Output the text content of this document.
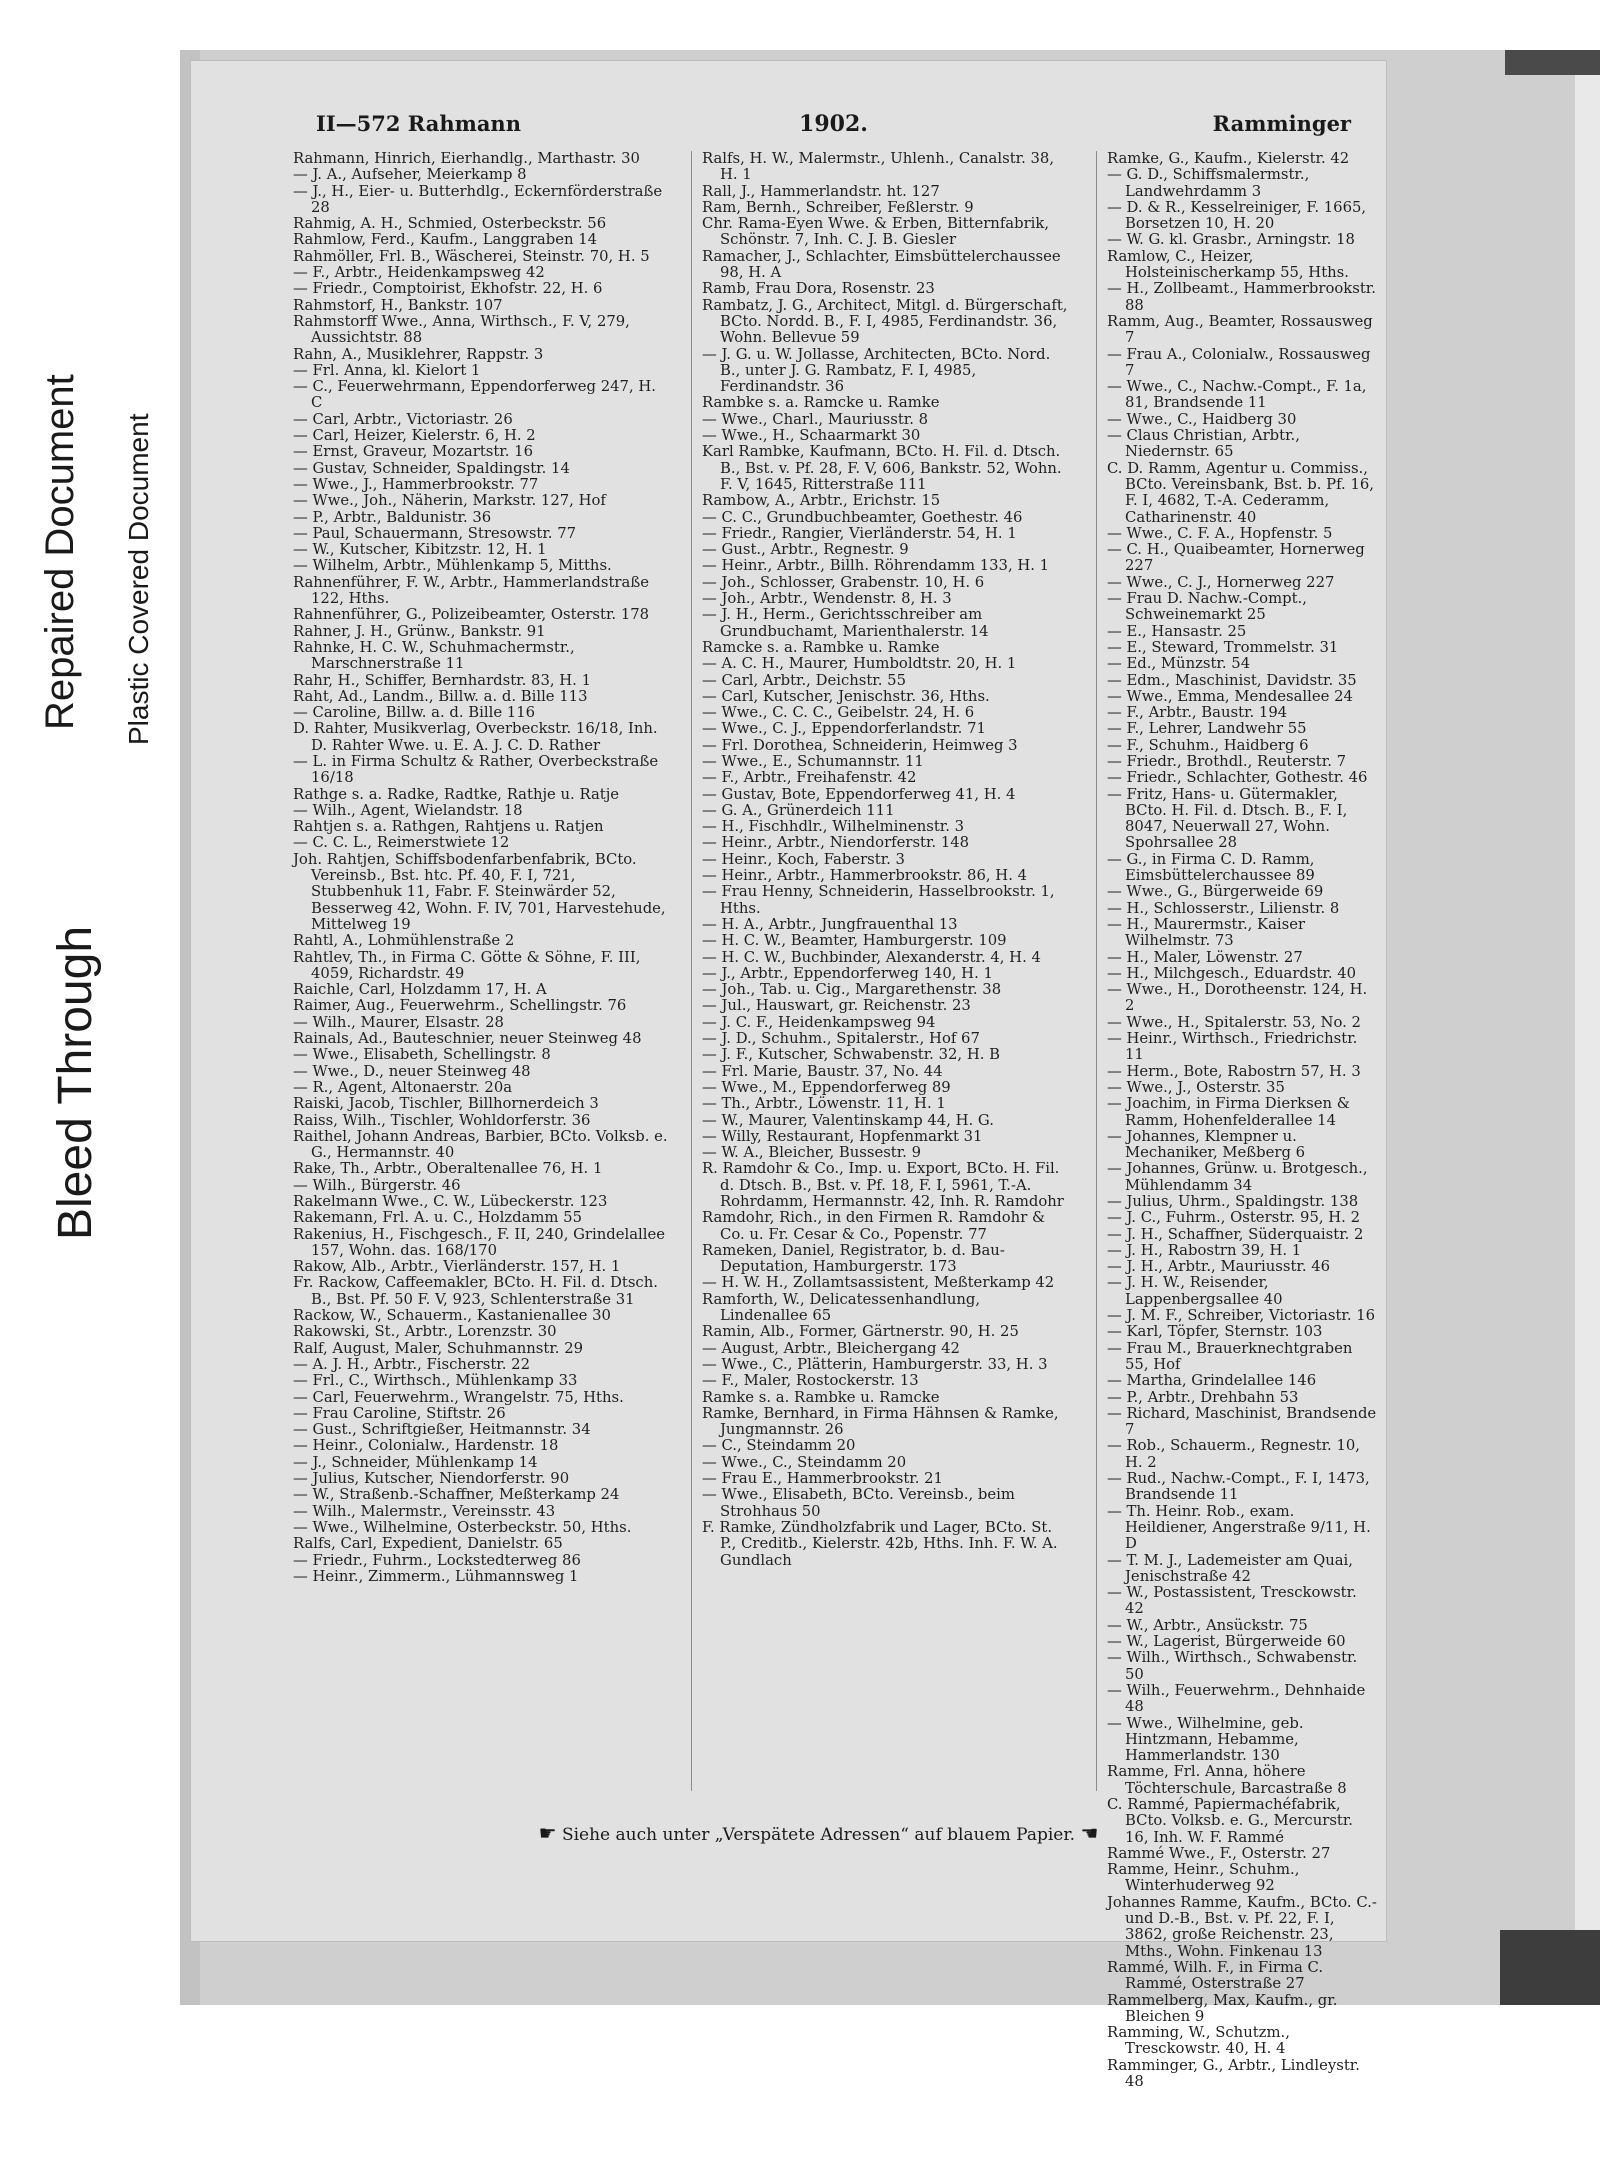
Bleed Through
Repaired Document Plastic Covered Document
II—572 Rahmann	1902.	Ramminger

Rahmann, Hinrich, Eierhandlg., Marthastr. 30

— J. A., Aufseher, Meierkamp 8

— J., H., Eier- u. Butterhdlg., Eckernförderstraße 28

Rahmig, A. H., Schmied, Osterbeckstr. 56

Rahmlow, Ferd., Kaufm., Langgraben 14

Rahmöller, Frl. B., Wäscherei, Steinstr. 70, H. 5

— F., Arbtr., Heidenkampsweg 42

— Friedr., Comptoirist, Ekhofstr. 22, H. 6

Rahmstorf, H., Bankstr. 107

Rahmstorff Wwe., Anna, Wirthsch., F. V, 279, Aussichtstr. 88

Rahn, A., Musiklehrer, Rappstr. 3

— Frl. Anna, kl. Kielort 1

— C., Feuerwehrmann, Eppendorferweg 247, H. C

— Carl, Arbtr., Victoriastr. 26

— Carl, Heizer, Kielerstr. 6, H. 2

— Ernst, Graveur, Mozartstr. 16

— Gustav, Schneider, Spaldingstr. 14

— Wwe., J., Hammerbrookstr. 77

— Wwe., Joh., Näherin, Markstr. 127, Hof

— P., Arbtr., Baldunistr. 36

— Paul, Schauermann, Stresowstr. 77

— W., Kutscher, Kibitzstr. 12, H. 1

— Wilhelm, Arbtr., Mühlenkamp 5, Mitths.

Rahnenführer, F. W., Arbtr., Hammerlandstraße 122, Hths.

Rahnenführer, G., Polizeibeamter, Osterstr. 178

Rahner, J. H., Grünw., Bankstr. 91

Rahnke, H. C. W., Schuhmachermstr., Marschnerstraße 11

Rahr, H., Schiffer, Bernhardstr. 83, H. 1

Raht, Ad., Landm., Billw. a. d. Bille 113

— Caroline, Billw. a. d. Bille 116

D. Rahter, Musikverlag, Overbeckstr. 16/18, Inh. D. Rahter Wwe. u. E. A. J. C. D. Rather

— L. in Firma Schultz & Rather, Overbeckstraße 16/18

Rathge s. a. Radke, Radtke, Rathje u. Ratje

— Wilh., Agent, Wielandstr. 18

Rahtjen s. a. Rathgen, Rahtjens u. Ratjen

— C. C. L., Reimerstwiete 12

Joh. Rahtjen, Schiffsbodenfarbenfabrik, BCto. Vereinsb., Bst. htc. Pf. 40, F. I, 721, Stubbenhuk 11, Fabr. F. Steinwärder 52, Besserweg 42, Wohn. F. IV, 701, Harvestehude, Mittelweg 19

Rahtl, A., Lohmühlenstraße 2

Rahtlev, Th., in Firma C. Götte & Söhne, F. III, 4059, Richardstr. 49

Raichle, Carl, Holzdamm 17, H. A

Raimer, Aug., Feuerwehrm., Schellingstr. 76

— Wilh., Maurer, Elsastr. 28

Rainals, Ad., Bauteschnier, neuer Steinweg 48

— Wwe., Elisabeth, Schellingstr. 8

— Wwe., D., neuer Steinweg 48

— R., Agent, Altonaerstr. 20a

Raiski, Jacob, Tischler, Billhornerdeich 3

Raiss, Wilh., Tischler, Wohldorferstr. 36

Raithel, Johann Andreas, Barbier, BCto. Volksb. e. G., Hermannstr. 40

Rake, Th., Arbtr., Oberaltenallee 76, H. 1

— Wilh., Bürgerstr. 46

Rakelmann Wwe., C. W., Lübeckerstr. 123

Rakemann, Frl. A. u. C., Holzdamm 55

Rakenius, H., Fischgesch., F. II, 240, Grindelallee 157, Wohn. das. 168/170

Rakow, Alb., Arbtr., Vierländerstr. 157, H. 1

Fr. Rackow, Caffeemakler, BCto. H. Fil. d. Dtsch. B., Bst. Pf. 50 F. V, 923, Schlenterstraße 31

Rackow, W., Schauerm., Kastanienallee 30

Rakowski, St., Arbtr., Lorenzstr. 30

Ralf, August, Maler, Schuhmannstr. 29

— A. J. H., Arbtr., Fischerstr. 22

— Frl., C., Wirthsch., Mühlenkamp 33

— Carl, Feuerwehrm., Wrangelstr. 75, Hths.

— Frau Caroline, Stiftstr. 26

— Gust., Schriftgießer, Heitmannstr. 34

— Heinr., Colonialw., Hardenstr. 18

— J., Schneider, Mühlenkamp 14

— Julius, Kutscher, Niendorferstr. 90

— W., Straßenb.-Schaffner, Meßterkamp 24

— Wilh., Malermstr., Vereinsstr. 43

— Wwe., Wilhelmine, Osterbeckstr. 50, Hths.

Ralfs, Carl, Expedient, Danielstr. 65

— Friedr., Fuhrm., Lockstedterweg 86

— Heinr., Zimmerm., Lühmannsweg 1

Ralfs, H. W., Malermstr., Uhlenh., Canalstr. 38, H. 1

Rall, J., Hammerlandstr. ht. 127

Ram, Bernh., Schreiber, Feßlerstr. 9

Chr. Rama-Eyen Wwe. & Erben, Bitternfabrik, Schönstr. 7, Inh. C. J. B. Giesler

Ramacher, J., Schlachter, Eimsbüttelerchaussee 98, H. A

Ramb, Frau Dora, Rosenstr. 23

Rambatz, J. G., Architect, Mitgl. d. Bürgerschaft, BCto. Nordd. B., F. I, 4985, Ferdinandstr. 36, Wohn. Bellevue 59

— J. G. u. W. Jollasse, Architecten, BCto. Nord. B., unter J. G. Rambatz, F. I, 4985, Ferdinandstr. 36

Rambke s. a. Ramcke u. Ramke

— Wwe., Charl., Mauriusstr. 8

— Wwe., H., Schaarmarkt 30

Karl Rambke, Kaufmann, BCto. H. Fil. d. Dtsch. B., Bst. v. Pf. 28, F. V, 606, Bankstr. 52, Wohn. F. V, 1645, Ritterstraße 111

Rambow, A., Arbtr., Erichstr. 15

— C. C., Grundbuchbeamter, Goethestr. 46

— Friedr., Rangier, Vierländerstr. 54, H. 1

— Gust., Arbtr., Regnestr. 9

— Heinr., Arbtr., Billh. Röhrendamm 133, H. 1

— Joh., Schlosser, Grabenstr. 10, H. 6

— Joh., Arbtr., Wendenstr. 8, H. 3

— J. H., Herm., Gerichtsschreiber am Grundbuchamt, Marienthalerstr. 14

Ramcke s. a. Rambke u. Ramke

— A. C. H., Maurer, Humboldtstr. 20, H. 1

— Carl, Arbtr., Deichstr. 55

— Carl, Kutscher, Jenischstr. 36, Hths.

— Wwe., C. C. C., Geibelstr. 24, H. 6

— Wwe., C. J., Eppendorferlandstr. 71

— Frl. Dorothea, Schneiderin, Heimweg 3

— Wwe., E., Schumannstr. 11

— F., Arbtr., Freihafenstr. 42

— Gustav, Bote, Eppendorferweg 41, H. 4

— G. A., Grünerdeich 111

— H., Fischhdlr., Wilhelminenstr. 3

— Heinr., Arbtr., Niendorferstr. 148

— Heinr., Koch, Faberstr. 3

— Heinr., Arbtr., Hammerbrookstr. 86, H. 4

— Frau Henny, Schneiderin, Hasselbrookstr. 1, Hths.

— H. A., Arbtr., Jungfrauenthal 13

— H. C. W., Beamter, Hamburgerstr. 109

— H. C. W., Buchbinder, Alexanderstr. 4, H. 4

— J., Arbtr., Eppendorferweg 140, H. 1

— Joh., Tab. u. Cig., Margarethenstr. 38

— Jul., Hauswart, gr. Reichenstr. 23

— J. C. F., Heidenkampsweg 94

— J. D., Schuhm., Spitalerstr., Hof 67

— J. F., Kutscher, Schwabenstr. 32, H. B

— Frl. Marie, Baustr. 37, No. 44

— Wwe., M., Eppendorferweg 89

— Th., Arbtr., Löwenstr. 11, H. 1

— W., Maurer, Valentinskamp 44, H. G.

— Willy, Restaurant, Hopfenmarkt 31

— W. A., Bleicher, Bussestr. 9

R. Ramdohr & Co., Imp. u. Export, BCto. H. Fil. d. Dtsch. B., Bst. v. Pf. 18, F. I, 5961, T.-A. Rohrdamm, Hermannstr. 42, Inh. R. Ramdohr

Ramdohr, Rich., in den Firmen R. Ramdohr & Co. u. Fr. Cesar & Co., Popenstr. 77

Rameken, Daniel, Registrator, b. d. Bau-Deputation, Hamburgerstr. 173

— H. W. H., Zollamtsassistent, Meßterkamp 42

Ramforth, W., Delicatessenhandlung, Lindenallee 65

Ramin, Alb., Former, Gärtnerstr. 90, H. 25

— August, Arbtr., Bleichergang 42

— Wwe., C., Plätterin, Hamburgerstr. 33, H. 3

— F., Maler, Rostockerstr. 13

Ramke s. a. Rambke u. Ramcke

Ramke, Bernhard, in Firma Hähnsen & Ramke, Jungmannstr. 26

— C., Steindamm 20

— Wwe., C., Steindamm 20

— Frau E., Hammerbrookstr. 21

— Wwe., Elisabeth, BCto. Vereinsb., beim Strohhaus 50

F. Ramke, Zündholzfabrik und Lager, BCto. St. P., Creditb., Kielerstr. 42b, Hths. Inh. F. W. A. Gundlach

Ramke, G., Kaufm., Kielerstr. 42

— G. D., Schiffsmalermstr., Landwehrdamm 3

— D. & R., Kesselreiniger, F. 1665, Borsetzen 10, H. 20

— W. G. kl. Grasbr., Arningstr. 18

Ramlow, C., Heizer, Holsteinischerkamp 55, Hths.

— H., Zollbeamt., Hammerbrookstr. 88

Ramm, Aug., Beamter, Rossausweg 7

— Frau A., Colonialw., Rossausweg 7

— Wwe., C., Nachw.-Compt., F. 1a, 81, Brandsende 11

— Wwe., C., Haidberg 30

— Claus Christian, Arbtr., Niedernstr. 65

C. D. Ramm, Agentur u. Commiss., BCto. Vereinsbank, Bst. b. Pf. 16, F. I, 4682, T.-A. Cederamm, Catharinenstr. 40

— Wwe., C. F. A., Hopfenstr. 5

— C. H., Quaibeamter, Hornerweg 227

— Wwe., C. J., Hornerweg 227

— Frau D. Nachw.-Compt., Schweinemarkt 25

— E., Hansastr. 25

— E., Steward, Trommelstr. 31

— Ed., Münzstr. 54

— Edm., Maschinist, Davidstr. 35

— Wwe., Emma, Mendesallee 24

— F., Arbtr., Baustr. 194

— F., Lehrer, Landwehr 55

— F., Schuhm., Haidberg 6

— Friedr., Brothdl., Reuterstr. 7

— Friedr., Schlachter, Gothestr. 46

— Fritz, Hans- u. Gütermakler, BCto. H. Fil. d. Dtsch. B., F. I, 8047, Neuerwall 27, Wohn. Spohrsallee 28

— G., in Firma C. D. Ramm, Eimsbüttelerchaussee 89

— Wwe., G., Bürgerweide 69

— H., Schlosserstr., Lilienstr. 8

— H., Maurermstr., Kaiser Wilhelmstr. 73

— H., Maler, Löwenstr. 27

— H., Milchgesch., Eduardstr. 40

— Wwe., H., Dorotheenstr. 124, H. 2

— Wwe., H., Spitalerstr. 53, No. 2

— Heinr., Wirthsch., Friedrichstr. 11

— Herm., Bote, Rabostrn 57, H. 3

— Wwe., J., Osterstr. 35

— Joachim, in Firma Dierksen & Ramm, Hohenfelderallee 14

— Johannes, Klempner u. Mechaniker, Meßberg 6

— Johannes, Grünw. u. Brotgesch., Mühlendamm 34

— Julius, Uhrm., Spaldingstr. 138

— J. C., Fuhrm., Osterstr. 95, H. 2

— J. H., Schaffner, Süderquaistr. 2

— J. H., Rabostrn 39, H. 1

— J. H., Arbtr., Mauriusstr. 46

— J. H. W., Reisender, Lappenbergsallee 40

— J. M. F., Schreiber, Victoriastr. 16

— Karl, Töpfer, Sternstr. 103

— Frau M., Brauerknechtgraben 55, Hof

— Martha, Grindelallee 146

— P., Arbtr., Drehbahn 53

— Richard, Maschinist, Brandsende 7

— Rob., Schauerm., Regnestr. 10, H. 2

— Rud., Nachw.-Compt., F. I, 1473, Brandsende 11

— Th. Heinr. Rob., exam. Heildiener, Angerstraße 9/11, H. D

— T. M. J., Lademeister am Quai, Jenischstraße 42

— W., Postassistent, Tresckowstr. 42

— W., Arbtr., Ansückstr. 75

— W., Lagerist, Bürgerweide 60

— Wilh., Wirthsch., Schwabenstr. 50

— Wilh., Feuerwehrm., Dehnhaide 48

— Wwe., Wilhelmine, geb. Hintzmann, Hebamme, Hammerlandstr. 130

Ramme, Frl. Anna, höhere Töchterschule, Barcastraße 8

C. Rammé, Papiermachéfabrik, BCto. Volksb. e. G., Mercurstr. 16, Inh. W. F. Rammé

Rammé Wwe., F., Osterstr. 27

Ramme, Heinr., Schuhm., Winterhuderweg 92

Johannes Ramme, Kaufm., BCto. C.- und D.-B., Bst. v. Pf. 22, F. I, 3862, große Reichenstr. 23, Mths., Wohn. Finkenau 13

Rammé, Wilh. F., in Firma C. Rammé, Osterstraße 27

Rammelberg, Max, Kaufm., gr. Bleichen 9

Ramming, W., Schutzm., Tresckowstr. 40, H. 4

Ramminger, G., Arbtr., Lindleystr. 48

☛ Siehe auch unter „Verspätete Adressen“ auf blauem Papier. ☚
